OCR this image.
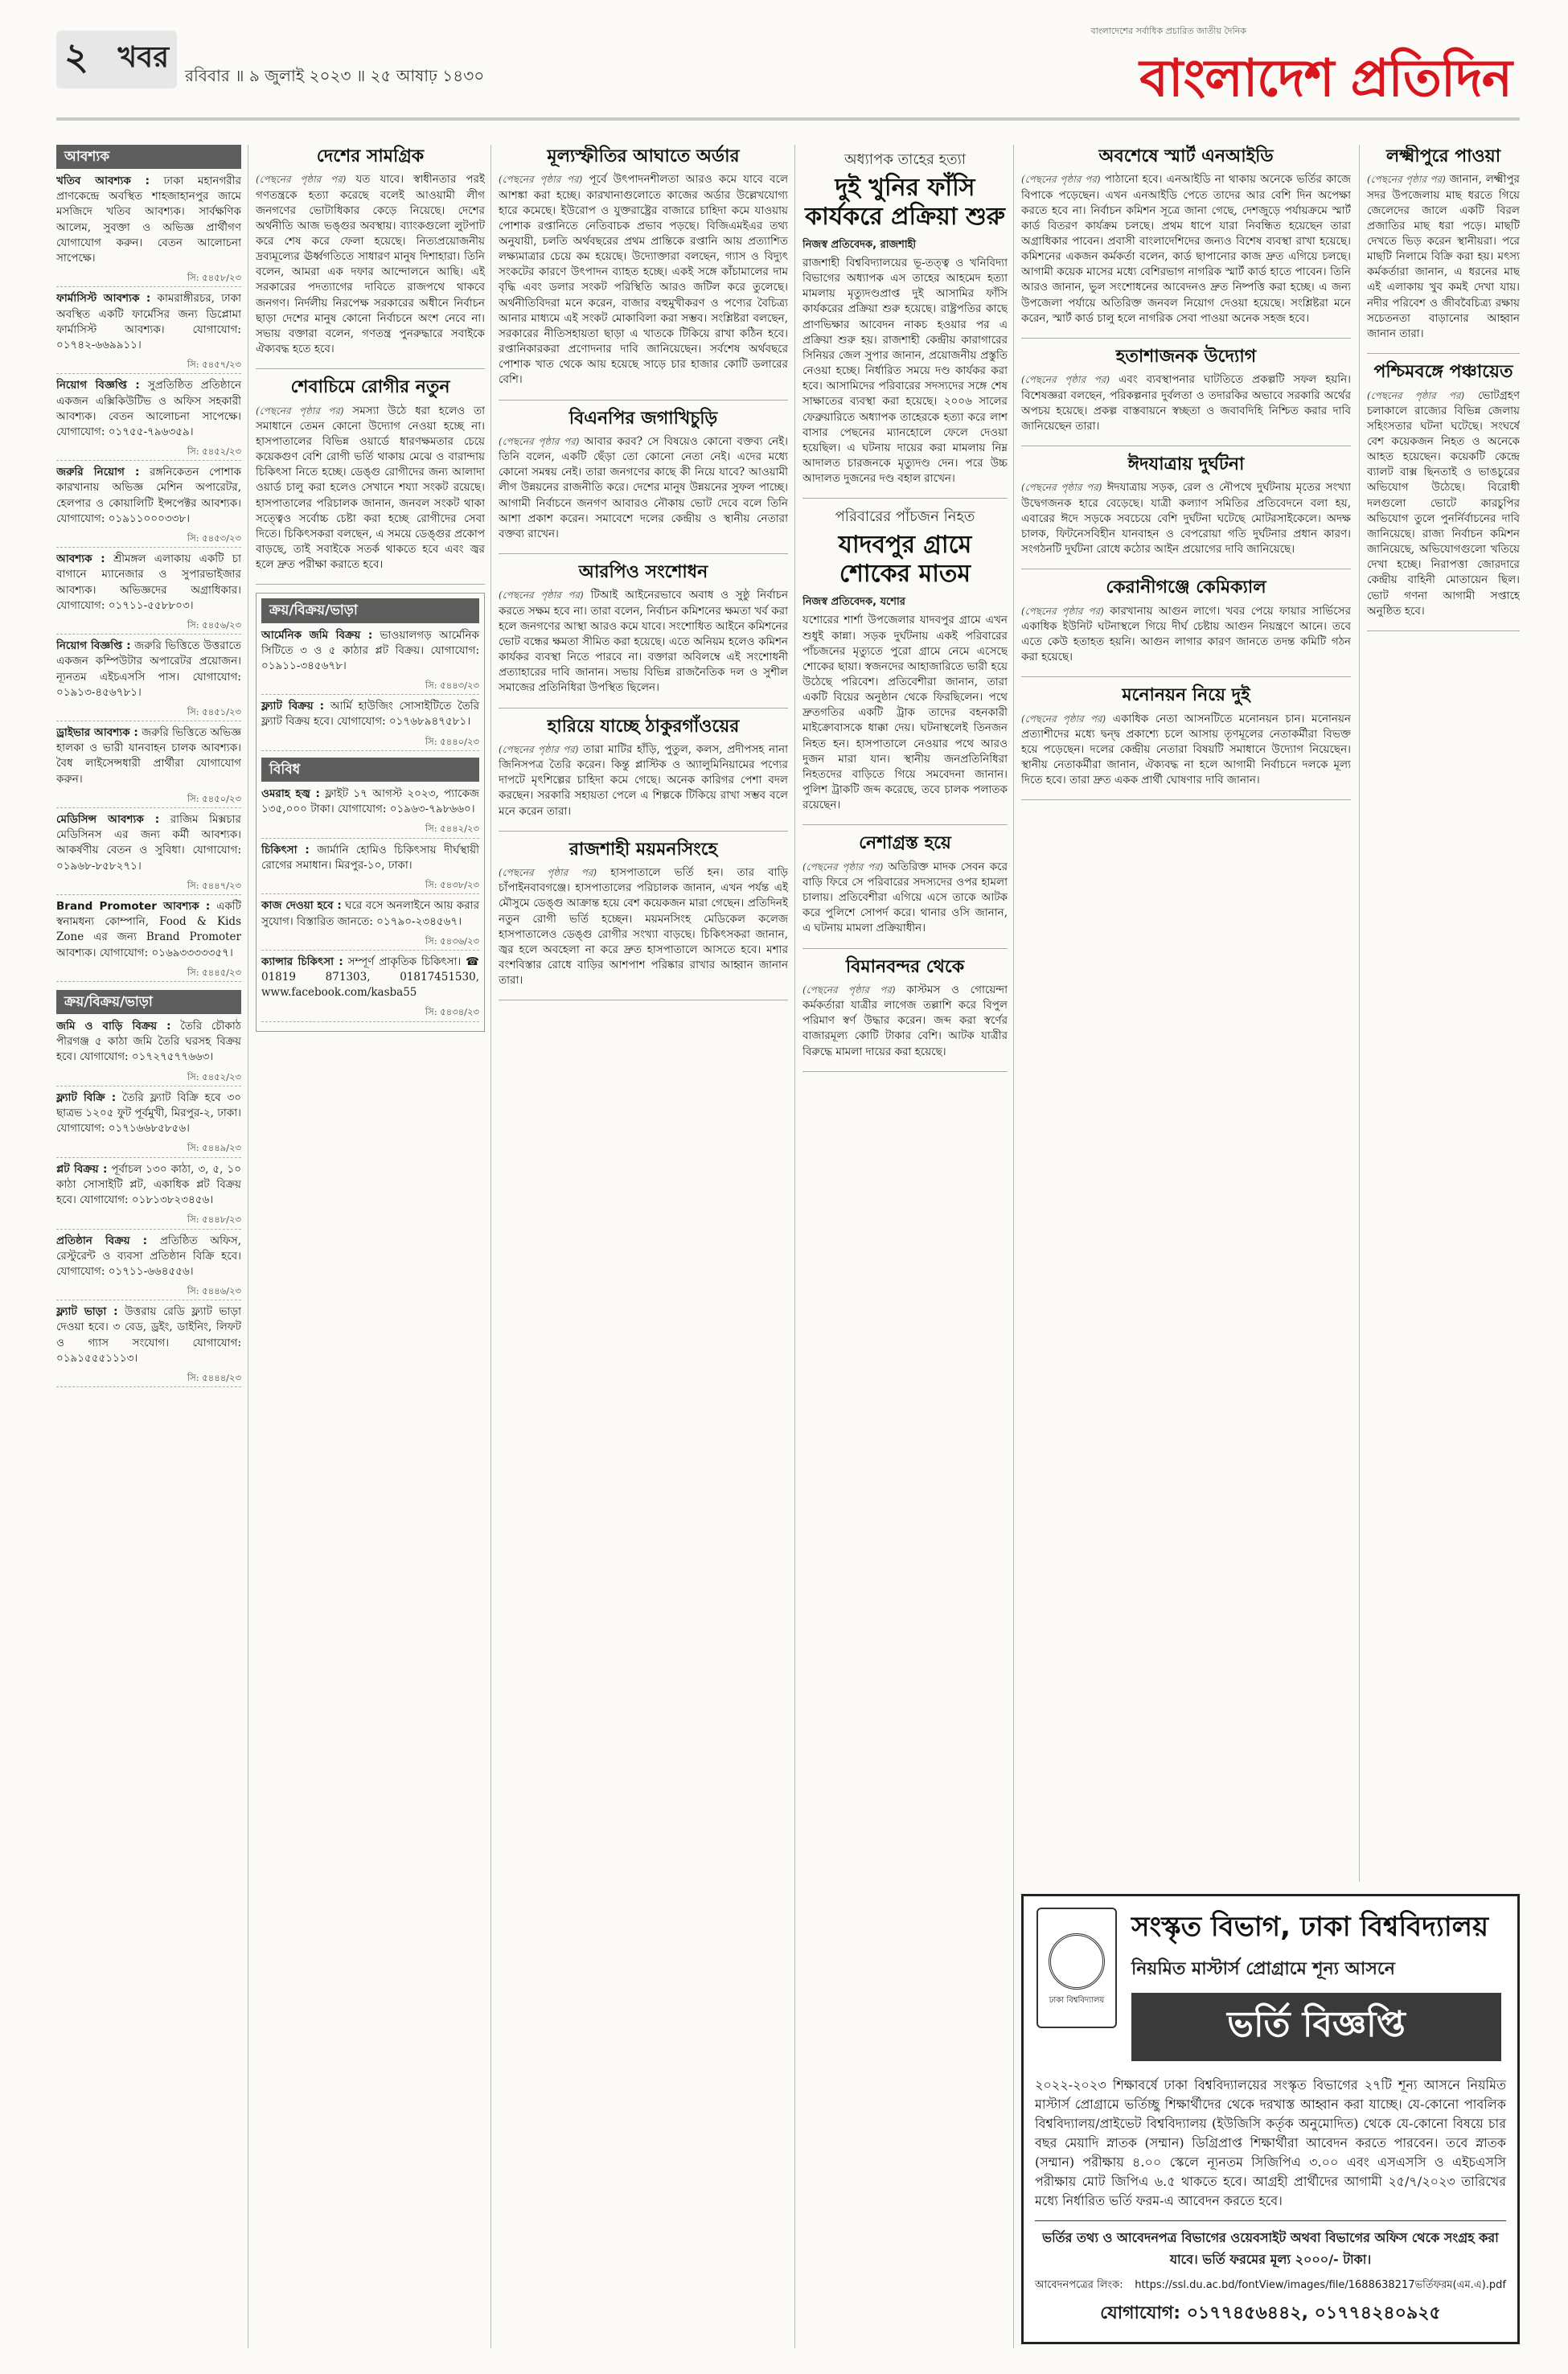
২ খবর
রবিবার ॥ ৯ জুলাই ২০২৩ ॥ ২৫ আষাঢ় ১৪৩০
বাংলাদেশের সর্বাধিক প্রচারিত জাতীয় দৈনিক
বাংলাদেশ প্রতিদিন
আবশ্যক

খতিব আবশ্যক : ঢাকা মহানগরীর প্রাণকেন্দ্রে অবস্থিত শাহজাহানপুর জামে মসজিদে খতিব আবশ্যক। সার্বক্ষণিক আলেম, সুবক্তা ও অভিজ্ঞ প্রার্থীগণ যোগাযোগ করুন। বেতন আলোচনা সাপেক্ষে।

সি: ৫৪৫৮/২৩

ফার্মাসিস্ট আবশ্যক : কামরাঙ্গীরচর, ঢাকা অবস্থিত একটি ফার্মেসির জন্য ডিপ্লোমা ফার্মাসিস্ট আবশ্যক। যোগাযোগ: ০১৭৪২-৬৬৯৯১১।

সি: ৫৪৫৭/২৩

নিয়োগ বিজ্ঞপ্তি : সুপ্রতিষ্ঠিত প্রতিষ্ঠানে একজন এক্সিকিউটিভ ও অফিস সহকারী আবশ্যক। বেতন আলোচনা সাপেক্ষে। যোগাযোগ: ০১৭৫৫-৭৯৬৩৫৯।

সি: ৫৪৫২/২৩

জরুরি নিয়োগ : রঙ্গনিকেতন পোশাক কারখানায় অভিজ্ঞ মেশিন অপারেটর, হেলপার ও কোয়ালিটি ইন্সপেক্টর আবশ্যক। যোগাযোগ: ০১৯১১০০০৩৩৮।

সি: ৫৪৫৩/২৩

আবশ্যক : শ্রীমঙ্গল এলাকায় একটি চা বাগানে ম্যানেজার ও সুপারভাইজার আবশ্যক। অভিজ্ঞদের অগ্রাধিকার। যোগাযোগ: ০১৭১১-৫৫৮৮০৩।

সি: ৫৪৫৬/২৩

নিয়োগ বিজ্ঞপ্তি : জরুরি ভিত্তিতে উত্তরাতে একজন কম্পিউটার অপারেটর প্রয়োজন। ন্যূনতম এইচএসসি পাস। যোগাযোগ: ০১৯১৩-৪৫৬৭৮১।

সি: ৫৪৫১/২৩

ড্রাইভার আবশ্যক : জরুরি ভিত্তিতে অভিজ্ঞ হালকা ও ভারী যানবাহন চালক আবশ্যক। বৈধ লাইসেন্সধারী প্রার্থীরা যোগাযোগ করুন।

সি: ৫৪৫০/২৩

মেডিসিন্স আবশ্যক : রাজিম মিক্সচার মেডিসিনস এর জন্য কর্মী আবশ্যক। আকর্ষণীয় বেতন ও সুবিধা। যোগাযোগ: ০১৯৬৮-৮৫৮২৭১।

সি: ৫৪৪৭/২৩

Brand Promoter আবশ্যক : একটি স্বনামধন্য কোম্পানি, Food & Kids Zone এর জন্য Brand Promoter আবশ্যক। যোগাযোগ: ০১৬৯৩৩৩৩৩৫৭।

সি: ৫৪৪৫/২৩
ক্রয়/বিক্রয়/ভাড়া

জমি ও বাড়ি বিক্রয় : তৈরি চৌকাঠ পীরগঞ্জ ৫ কাঠা জমি তৈরি ঘরসহ বিক্রয় হবে। যোগাযোগ: ০১৭২৭৫৭৭৬৬৩।

সি: ৫৪৫২/২৩

ফ্ল্যাট বিক্রি : তৈরি ফ্ল্যাট বিক্রি হবে ৩০ ছাত্রভ ১২০৫ ফুট পূর্বমুখী, মিরপুর-২, ঢাকা। যোগাযোগ: ০১৭১৬৬৮৫৮৫৬।

সি: ৫৪৪৯/২৩

প্লট বিক্রয় : পূর্বাচল ১৩০ কাঠা, ৩, ৫, ১০ কাঠা সোসাইটি প্লট, একাধিক প্লট বিক্রয় হবে। যোগাযোগ: ০১৮১৩৮২৩৪৫৬।

সি: ৫৪৪৮/২৩

প্রতিষ্ঠান বিক্রয় : প্রতিষ্ঠিত অফিস, রেস্টুরেন্ট ও ব্যবসা প্রতিষ্ঠান বিক্রি হবে। যোগাযোগ: ০১৭১১-৬৬৪৫৫৬।

সি: ৫৪৪৬/২৩

ফ্ল্যাট ভাড়া : উত্তরায় রেডি ফ্ল্যাট ভাড়া দেওয়া হবে। ৩ বেড, ড্রইং, ডাইনিং, লিফট ও গ্যাস সংযোগ। যোগাযোগ: ০১৯১৫৫৫১১১৩।

সি: ৫৪৪৪/২৩
দেশের সামগ্রিক

(পেছনের পৃষ্ঠার পর) যত যাবে। স্বাধীনতার পরই গণতন্ত্রকে হত্যা করেছে বলেই আওয়ামী লীগ জনগণের ভোটাধিকার কেড়ে নিয়েছে। দেশের অর্থনীতি আজ ভঙ্গুর অবস্থায়। ব্যাংকগুলো লুটপাট করে শেষ করে ফেলা হয়েছে। নিত্যপ্রয়োজনীয় দ্রব্যমূল্যের ঊর্ধ্বগতিতে সাধারণ মানুষ দিশাহারা। তিনি বলেন, আমরা এক দফার আন্দোলনে আছি। এই সরকারের পদত্যাগের দাবিতে রাজপথে থাকবে জনগণ। নির্দলীয় নিরপেক্ষ সরকারের অধীনে নির্বাচন ছাড়া দেশের মানুষ কোনো নির্বাচনে অংশ নেবে না। সভায় বক্তারা বলেন, গণতন্ত্র পুনরুদ্ধারে সবাইকে ঐক্যবদ্ধ হতে হবে।

শেবাচিমে রোগীর নতুন

(পেছনের পৃষ্ঠার পর) সমস্যা উঠে ধরা হলেও তা সমাধানে তেমন কোনো উদ্যোগ নেওয়া হচ্ছে না। হাসপাতালের বিভিন্ন ওয়ার্ডে ধারণক্ষমতার চেয়ে কয়েকগুণ বেশি রোগী ভর্তি থাকায় মেঝে ও বারান্দায় চিকিৎসা নিতে হচ্ছে। ডেঙ্গু রোগীদের জন্য আলাদা ওয়ার্ড চালু করা হলেও সেখানে শয্যা সংকট রয়েছে। হাসপাতালের পরিচালক জানান, জনবল সংকট থাকা সত্ত্বেও সর্বোচ্চ চেষ্টা করা হচ্ছে রোগীদের সেবা দিতে। চিকিৎসকরা বলছেন, এ সময়ে ডেঙ্গুর প্রকোপ বাড়ছে, তাই সবাইকে সতর্ক থাকতে হবে এবং জ্বর হলে দ্রুত পরীক্ষা করাতে হবে।

ক্রয়/বিক্রয়/ভাড়া

আর্মেনিক জমি বিক্রয় : ভাওয়ালগড় আর্মেনিক সিটিতে ৩ ও ৫ কাঠার প্লট বিক্রয়। যোগাযোগ: ০১৯১১-৩৪৫৬৭৮।

সি: ৫৪৪৩/২৩

ফ্ল্যাট বিক্রয় : আর্মি হাউজিং সোসাইটিতে তৈরি ফ্ল্যাট বিক্রয় হবে। যোগাযোগ: ০১৭৬৮৯৪৭৫৮১।

সি: ৫৪৪০/২৩
বিবিধ

ওমরাহ হজ্ব : ফ্লাইট ১৭ আগস্ট ২০২৩, প্যাকেজ ১৩৫,০০০ টাকা। যোগাযোগ: ০১৯৬৩-৭৯৮৬৬০।

সি: ৫৪৪২/২৩

চিকিৎসা : জার্মানি হোমিও চিকিৎসায় দীর্ঘস্থায়ী রোগের সমাধান। মিরপুর-১০, ঢাকা।

সি: ৫৪৩৮/২৩

কাজ দেওয়া হবে : ঘরে বসে অনলাইনে আয় করার সুযোগ। বিস্তারিত জানতে: ০১৭৯০-২৩৪৫৬৭।

সি: ৫৪৩৬/২৩

ক্যান্সার চিকিৎসা : সম্পূর্ণ প্রাকৃতিক চিকিৎসা। ☎ 01819 871303, 01817451530, www.facebook.com/kasba55

সি: ৫৪৩৪/২৩
মূল্যস্ফীতির আঘাতে অর্ডার

(পেছনের পৃষ্ঠার পর) পূর্বে উৎপাদনশীলতা আরও কমে যাবে বলে আশঙ্কা করা হচ্ছে। কারখানাগুলোতে কাজের অর্ডার উল্লেখযোগ্য হারে কমেছে। ইউরোপ ও যুক্তরাষ্ট্রের বাজারে চাহিদা কমে যাওয়ায় পোশাক রপ্তানিতে নেতিবাচক প্রভাব পড়ছে। বিজিএমইএর তথ্য অনুযায়ী, চলতি অর্থবছরের প্রথম প্রান্তিকে রপ্তানি আয় প্রত্যাশিত লক্ষ্যমাত্রার চেয়ে কম হয়েছে। উদ্যোক্তারা বলছেন, গ্যাস ও বিদ্যুৎ সংকটের কারণে উৎপাদন ব্যাহত হচ্ছে। একই সঙ্গে কাঁচামালের দাম বৃদ্ধি এবং ডলার সংকট পরিস্থিতি আরও জটিল করে তুলেছে। অর্থনীতিবিদরা মনে করেন, বাজার বহুমুখীকরণ ও পণ্যের বৈচিত্র্য আনার মাধ্যমে এই সংকট মোকাবিলা করা সম্ভব। সংশ্লিষ্টরা বলছেন, সরকারের নীতিসহায়তা ছাড়া এ খাতকে টিকিয়ে রাখা কঠিন হবে। রপ্তানিকারকরা প্রণোদনার দাবি জানিয়েছেন। সর্বশেষ অর্থবছরে পোশাক খাত থেকে আয় হয়েছে সাড়ে চার হাজার কোটি ডলারের বেশি।

বিএনপির জগাখিচুড়ি

(পেছনের পৃষ্ঠার পর) আবার করব? সে বিষয়েও কোনো বক্তব্য নেই। তিনি বলেন, একটি ছেঁড়া তো কোনো নেতা নেই। এদের মধ্যে কোনো সমন্বয় নেই। তারা জনগণের কাছে কী নিয়ে যাবে? আওয়ামী লীগ উন্নয়নের রাজনীতি করে। দেশের মানুষ উন্নয়নের সুফল পাচ্ছে। আগামী নির্বাচনে জনগণ আবারও নৌকায় ভোট দেবে বলে তিনি আশা প্রকাশ করেন। সমাবেশে দলের কেন্দ্রীয় ও স্থানীয় নেতারা বক্তব্য রাখেন।

আরপিও সংশোধন

(পেছনের পৃষ্ঠার পর) টিআই আইনেরভাবে অবাধ ও সুষ্ঠু নির্বাচন করতে সক্ষম হবে না। তারা বলেন, নির্বাচন কমিশনের ক্ষমতা খর্ব করা হলে জনগণের আস্থা আরও কমে যাবে। সংশোধিত আইনে কমিশনের ভোট বন্ধের ক্ষমতা সীমিত করা হয়েছে। এতে অনিয়ম হলেও কমিশন কার্যকর ব্যবস্থা নিতে পারবে না। বক্তারা অবিলম্বে এই সংশোধনী প্রত্যাহারের দাবি জানান। সভায় বিভিন্ন রাজনৈতিক দল ও সুশীল সমাজের প্রতিনিধিরা উপস্থিত ছিলেন।

হারিয়ে যাচ্ছে ঠাকুরগাঁওয়ের

(পেছনের পৃষ্ঠার পর) তারা মাটির হাঁড়ি, পুতুল, কলস, প্রদীপসহ নানা জিনিসপত্র তৈরি করেন। কিন্তু প্লাস্টিক ও অ্যালুমিনিয়ামের পণ্যের দাপটে মৃৎশিল্পের চাহিদা কমে গেছে। অনেক কারিগর পেশা বদল করছেন। সরকারি সহায়তা পেলে এ শিল্পকে টিকিয়ে রাখা সম্ভব বলে মনে করেন তারা।

রাজশাহী ময়মনসিংহে

(পেছনের পৃষ্ঠার পর) হাসপাতালে ভর্তি হন। তার বাড়ি চাঁপাইনবাবগঞ্জে। হাসপাতালের পরিচালক জানান, এখন পর্যন্ত এই মৌসুমে ডেঙ্গু আক্রান্ত হয়ে বেশ কয়েকজন মারা গেছেন। প্রতিদিনই নতুন রোগী ভর্তি হচ্ছেন। ময়মনসিংহ মেডিকেল কলেজ হাসপাতালেও ডেঙ্গু রোগীর সংখ্যা বাড়ছে। চিকিৎসকরা জানান, জ্বর হলে অবহেলা না করে দ্রুত হাসপাতালে আসতে হবে। মশার বংশবিস্তার রোধে বাড়ির আশপাশ পরিষ্কার রাখার আহ্বান জানান তারা।

অধ্যাপক তাহের হত্যা
দুই খুনির ফাঁসি কার্যকরে প্রক্রিয়া শুরু
নিজস্ব প্রতিবেদক, রাজশাহী

রাজশাহী বিশ্ববিদ্যালয়ের ভূ-তত্ত্ব ও খনিবিদ্যা বিভাগের অধ্যাপক এস তাহের আহমেদ হত্যা মামলায় মৃত্যুদণ্ডপ্রাপ্ত দুই আসামির ফাঁসি কার্যকরের প্রক্রিয়া শুরু হয়েছে। রাষ্ট্রপতির কাছে প্রাণভিক্ষার আবেদন নাকচ হওয়ার পর এ প্রক্রিয়া শুরু হয়। রাজশাহী কেন্দ্রীয় কারাগারের সিনিয়র জেল সুপার জানান, প্রয়োজনীয় প্রস্তুতি নেওয়া হচ্ছে। নির্ধারিত সময়ে দণ্ড কার্যকর করা হবে। আসামিদের পরিবারের সদস্যদের সঙ্গে শেষ সাক্ষাতের ব্যবস্থা করা হয়েছে। ২০০৬ সালের ফেব্রুয়ারিতে অধ্যাপক তাহেরকে হত্যা করে লাশ বাসার পেছনের ম্যানহোলে ফেলে দেওয়া হয়েছিল। এ ঘটনায় দায়ের করা মামলায় নিম্ন আদালত চারজনকে মৃত্যুদণ্ড দেন। পরে উচ্চ আদালত দুজনের দণ্ড বহাল রাখেন।

পরিবারের পাঁচজন নিহত
যাদবপুর গ্রামে শোকের মাতম
নিজস্ব প্রতিবেদক, যশোর

যশোরের শার্শা উপজেলার যাদবপুর গ্রামে এখন শুধুই কান্না। সড়ক দুর্ঘটনায় একই পরিবারের পাঁচজনের মৃত্যুতে পুরো গ্রামে নেমে এসেছে শোকের ছায়া। স্বজনদের আহাজারিতে ভারী হয়ে উঠেছে পরিবেশ। প্রতিবেশীরা জানান, তারা একটি বিয়ের অনুষ্ঠান থেকে ফিরছিলেন। পথে দ্রুতগতির একটি ট্রাক তাদের বহনকারী মাইক্রোবাসকে ধাক্কা দেয়। ঘটনাস্থলেই তিনজন নিহত হন। হাসপাতালে নেওয়ার পথে আরও দুজন মারা যান। স্থানীয় জনপ্রতিনিধিরা নিহতদের বাড়িতে গিয়ে সমবেদনা জানান। পুলিশ ট্রাকটি জব্দ করেছে, তবে চালক পলাতক রয়েছেন।

নেশাগ্রস্ত হয়ে

(পেছনের পৃষ্ঠার পর) অতিরিক্ত মাদক সেবন করে বাড়ি ফিরে সে পরিবারের সদস্যদের ওপর হামলা চালায়। প্রতিবেশীরা এগিয়ে এসে তাকে আটক করে পুলিশে সোপর্দ করে। থানার ওসি জানান, এ ঘটনায় মামলা প্রক্রিয়াধীন।

বিমানবন্দর থেকে

(পেছনের পৃষ্ঠার পর) কাস্টমস ও গোয়েন্দা কর্মকর্তারা যাত্রীর লাগেজ তল্লাশি করে বিপুল পরিমাণ স্বর্ণ উদ্ধার করেন। জব্দ করা স্বর্ণের বাজারমূল্য কোটি টাকার বেশি। আটক যাত্রীর বিরুদ্ধে মামলা দায়ের করা হয়েছে।

অবশেষে স্মার্ট এনআইডি

(পেছনের পৃষ্ঠার পর) পাঠানো হবে। এনআইডি না থাকায় অনেকে ভর্তির কাজে বিপাকে পড়েছেন। এখন এনআইডি পেতে তাদের আর বেশি দিন অপেক্ষা করতে হবে না। নির্বাচন কমিশন সূত্রে জানা গেছে, দেশজুড়ে পর্যায়ক্রমে স্মার্ট কার্ড বিতরণ কার্যক্রম চলছে। প্রথম ধাপে যারা নিবন্ধিত হয়েছেন তারা অগ্রাধিকার পাবেন। প্রবাসী বাংলাদেশিদের জন্যও বিশেষ ব্যবস্থা রাখা হয়েছে। কমিশনের একজন কর্মকর্তা বলেন, কার্ড ছাপানোর কাজ দ্রুত এগিয়ে চলছে। আগামী কয়েক মাসের মধ্যে বেশিরভাগ নাগরিক স্মার্ট কার্ড হাতে পাবেন। তিনি আরও জানান, ভুল সংশোধনের আবেদনও দ্রুত নিষ্পত্তি করা হচ্ছে। এ জন্য উপজেলা পর্যায়ে অতিরিক্ত জনবল নিয়োগ দেওয়া হয়েছে। সংশ্লিষ্টরা মনে করেন, স্মার্ট কার্ড চালু হলে নাগরিক সেবা পাওয়া অনেক সহজ হবে।

হতাশাজনক উদ্যোগ

(পেছনের পৃষ্ঠার পর) এবং ব্যবস্থাপনার ঘাটতিতে প্রকল্পটি সফল হয়নি। বিশেষজ্ঞরা বলছেন, পরিকল্পনার দুর্বলতা ও তদারকির অভাবে সরকারি অর্থের অপচয় হয়েছে। প্রকল্প বাস্তবায়নে স্বচ্ছতা ও জবাবদিহি নিশ্চিত করার দাবি জানিয়েছেন তারা।

ঈদযাত্রায় দুর্ঘটনা

(পেছনের পৃষ্ঠার পর) ঈদযাত্রায় সড়ক, রেল ও নৌপথে দুর্ঘটনায় মৃতের সংখ্যা উদ্বেগজনক হারে বেড়েছে। যাত্রী কল্যাণ সমিতির প্রতিবেদনে বলা হয়, এবারের ঈদে সড়কে সবচেয়ে বেশি দুর্ঘটনা ঘটেছে মোটরসাইকেলে। অদক্ষ চালক, ফিটনেসবিহীন যানবাহন ও বেপরোয়া গতি দুর্ঘটনার প্রধান কারণ। সংগঠনটি দুর্ঘটনা রোধে কঠোর আইন প্রয়োগের দাবি জানিয়েছে।

কেরানীগঞ্জে কেমিক্যাল

(পেছনের পৃষ্ঠার পর) কারখানায় আগুন লাগে। খবর পেয়ে ফায়ার সার্ভিসের একাধিক ইউনিট ঘটনাস্থলে গিয়ে দীর্ঘ চেষ্টায় আগুন নিয়ন্ত্রণে আনে। তবে এতে কেউ হতাহত হয়নি। আগুন লাগার কারণ জানতে তদন্ত কমিটি গঠন করা হয়েছে।

মনোনয়ন নিয়ে দুই

(পেছনের পৃষ্ঠার পর) একাধিক নেতা আসনটিতে মনোনয়ন চান। মনোনয়ন প্রত্যাশীদের মধ্যে দ্বন্দ্ব প্রকাশ্যে চলে আসায় তৃণমূলের নেতাকর্মীরা বিভক্ত হয়ে পড়েছেন। দলের কেন্দ্রীয় নেতারা বিষয়টি সমাধানে উদ্যোগ নিয়েছেন। স্থানীয় নেতাকর্মীরা জানান, ঐক্যবদ্ধ না হলে আগামী নির্বাচনে দলকে মূল্য দিতে হবে। তারা দ্রুত একক প্রার্থী ঘোষণার দাবি জানান।

লক্ষ্মীপুরে পাওয়া

(পেছনের পৃষ্ঠার পর) জানান, লক্ষ্মীপুর সদর উপজেলায় মাছ ধরতে গিয়ে জেলেদের জালে একটি বিরল প্রজাতির মাছ ধরা পড়ে। মাছটি দেখতে ভিড় করেন স্থানীয়রা। পরে মাছটি নিলামে বিক্রি করা হয়। মৎস্য কর্মকর্তারা জানান, এ ধরনের মাছ এই এলাকায় খুব কমই দেখা যায়। নদীর পরিবেশ ও জীববৈচিত্র্য রক্ষায় সচেতনতা বাড়ানোর আহ্বান জানান তারা।

পশ্চিমবঙ্গে পঞ্চায়েত

(পেছনের পৃষ্ঠার পর) ভোটগ্রহণ চলাকালে রাজ্যের বিভিন্ন জেলায় সহিংসতার ঘটনা ঘটেছে। সংঘর্ষে বেশ কয়েকজন নিহত ও অনেকে আহত হয়েছেন। কয়েকটি কেন্দ্রে ব্যালট বাক্স ছিনতাই ও ভাঙচুরের অভিযোগ উঠেছে। বিরোধী দলগুলো ভোটে কারচুপির অভিযোগ তুলে পুনর্নির্বাচনের দাবি জানিয়েছে। রাজ্য নির্বাচন কমিশন জানিয়েছে, অভিযোগগুলো খতিয়ে দেখা হচ্ছে। নিরাপত্তা জোরদারে কেন্দ্রীয় বাহিনী মোতায়েন ছিল। ভোট গণনা আগামী সপ্তাহে অনুষ্ঠিত হবে।

ঢাকা বিশ্ববিদ্যালয়
সংস্কৃত বিভাগ, ঢাকা বিশ্ববিদ্যালয়
নিয়মিত মাস্টার্স প্রোগ্রামে শূন্য আসনে
ভর্তি বিজ্ঞপ্তি
২০২২-২০২৩ শিক্ষাবর্ষে ঢাকা বিশ্ববিদ্যালয়ের সংস্কৃত বিভাগের ২৭টি শূন্য আসনে নিয়মিত মাস্টার্স প্রোগ্রামে ভর্তিচ্ছু শিক্ষার্থীদের থেকে দরখাস্ত আহ্বান করা যাচ্ছে। যে-কোনো পাবলিক বিশ্ববিদ্যালয়/প্রাইভেট বিশ্ববিদ্যালয় (ইউজিসি কর্তৃক অনুমোদিত) থেকে যে-কোনো বিষয়ে চার বছর মেয়াদি স্নাতক (সম্মান) ডিগ্রিপ্রাপ্ত শিক্ষার্থীরা আবেদন করতে পারবেন। তবে স্নাতক (সম্মান) পরীক্ষায় ৪.০০ স্কেলে ন্যূনতম সিজিপিএ ৩.০০ এবং এসএসসি ও এইচএসসি পরীক্ষায় মোট জিপিএ ৬.৫ থাকতে হবে। আগ্রহী প্রার্থীদের আগামী ২৫/৭/২০২৩ তারিখের মধ্যে নির্ধারিত ভর্তি ফরম-এ আবেদন করতে হবে।
ভর্তির তথ্য ও আবেদনপত্র বিভাগের ওয়েবসাইট অথবা বিভাগের অফিস থেকে সংগ্রহ করা যাবে। ভর্তি ফরমের মূল্য ২০০০/- টাকা।
আবেদনপত্রের লিংক: https://ssl.du.ac.bd/fontView/images/file/1688638217ভর্তিফরম(এম.এ).pdf
যোগাযোগ: ০১৭৭৪৫৬৪৪২, ০১৭৭৪২৪০৯২৫
